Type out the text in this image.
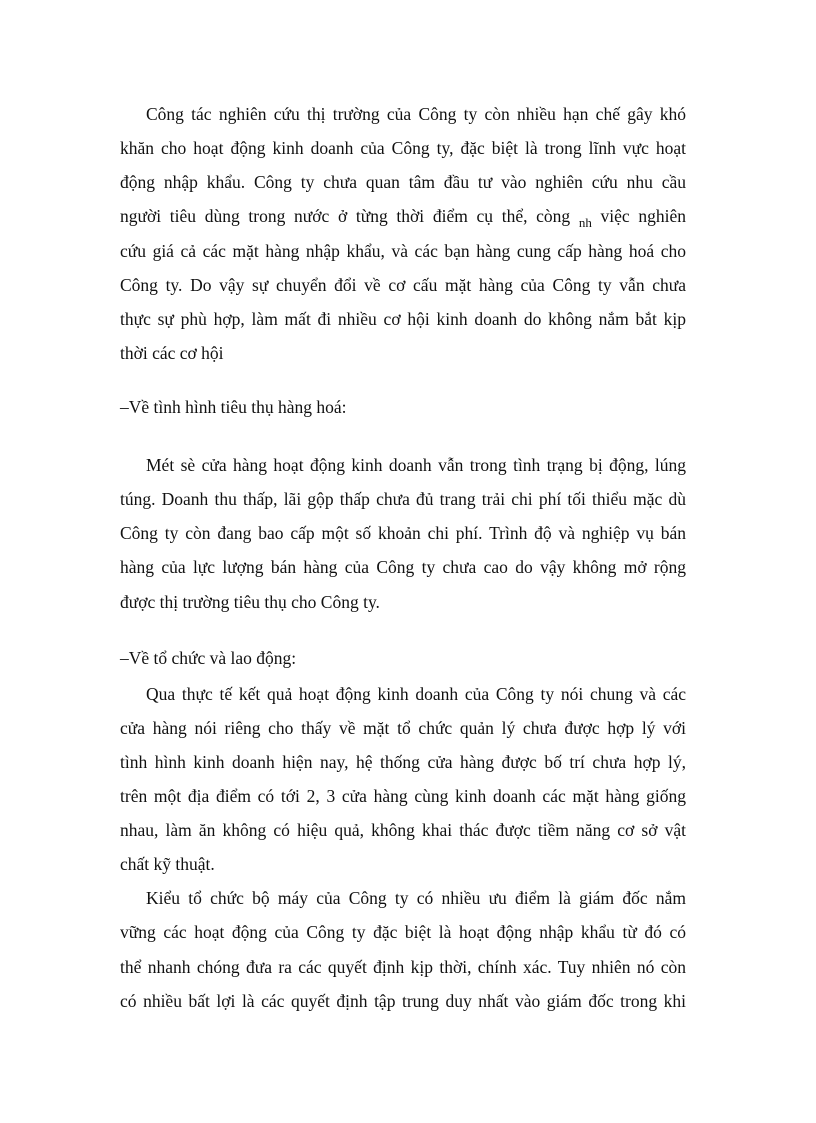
Công tác nghiên cứu thị trường của Công ty còn nhiều hạn chế gây khó

khăn cho hoạt động kinh doanh của Công ty, đặc biệt là trong lĩnh vực hoạt

động nhập khẩu. Công ty chưa quan tâm đầu tư vào nghiên cứu nhu cầu

người tiêu dùng trong nước ở từng thời điểm cụ thể, còng $_{nh}$ việc nghiên

cứu giá cả các mặt hàng nhập khẩu, và các bạn hàng cung cấp hàng hoá cho

Công ty. Do vậy sự chuyển đổi về cơ cấu mặt hàng của Công ty vẫn chưa

thực sự phù hợp, làm mất đi nhiều cơ hội kinh doanh do không nắm bắt kịp

thời các cơ hội

–Về tình hình tiêu thụ hàng hoá:

Mét sè cửa hàng hoạt động kinh doanh vẫn trong tình trạng bị động, lúng

túng. Doanh thu thấp, lãi gộp thấp chưa đủ trang trải chi phí tối thiểu mặc dù

Công ty còn đang bao cấp một số khoản chi phí. Trình độ và nghiệp vụ bán

hàng của lực lượng bán hàng của Công ty chưa cao do vậy không mở rộng

được thị trường tiêu thụ cho Công ty.

–Về tổ chức và lao động:

Qua thực tế kết quả hoạt động kinh doanh của Công ty nói chung và các

cửa hàng nói riêng cho thấy về mặt tổ chức quản lý chưa được hợp lý với

tình hình kinh doanh hiện nay, hệ thống cửa hàng được bố trí chưa hợp lý,

trên một địa điểm có tới 2, 3 cửa hàng cùng kinh doanh các mặt hàng giống

nhau, làm ăn không có hiệu quả, không khai thác được tiềm năng cơ sở vật

chất kỹ thuật.

Kiểu tổ chức bộ máy của Công ty có nhiều ưu điểm là giám đốc nắm

vững các hoạt động của Công ty đặc biệt là hoạt động nhập khẩu từ đó có

thể nhanh chóng đưa ra các quyết định kịp thời, chính xác. Tuy nhiên nó còn

có nhiều bất lợi là các quyết định tập trung duy nhất vào giám đốc trong khi
